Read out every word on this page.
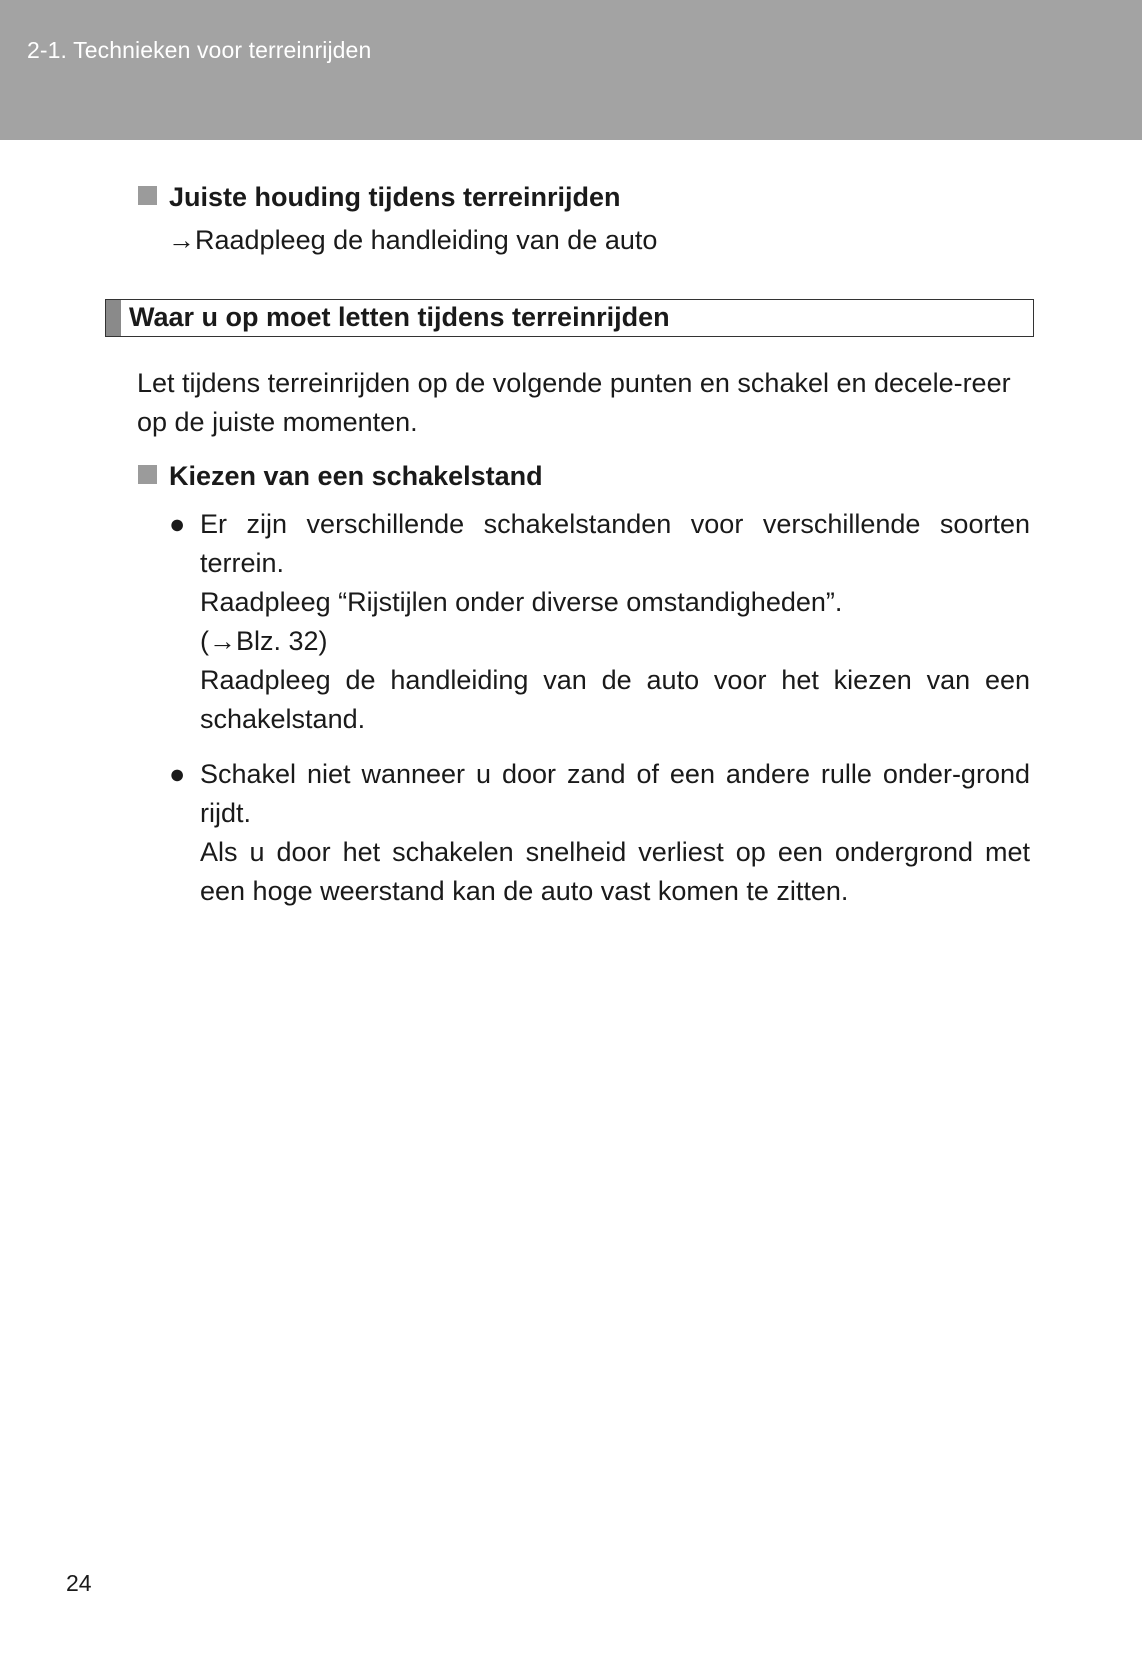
2-1. Technieken voor terreinrijden
Juiste houding tijdens terreinrijden
→Raadpleeg de handleiding van de auto
Waar u op moet letten tijdens terreinrijden

Let tijdens terreinrijden op de volgende punten en schakel en decele-reer op de juiste momenten.

Kiezen van een schakelstand
● Er zijn verschillende schakelstanden voor verschillende soorten terrein.

Raadpleeg “Rijstijlen onder diverse omstandigheden”.

(→Blz. 32)

Raadpleeg de handleiding van de auto voor het kiezen van een schakelstand.

● Schakel niet wanneer u door zand of een andere rulle onder-grond rijdt.

Als u door het schakelen snelheid verliest op een ondergrond met een hoge weerstand kan de auto vast komen te zitten.

24
